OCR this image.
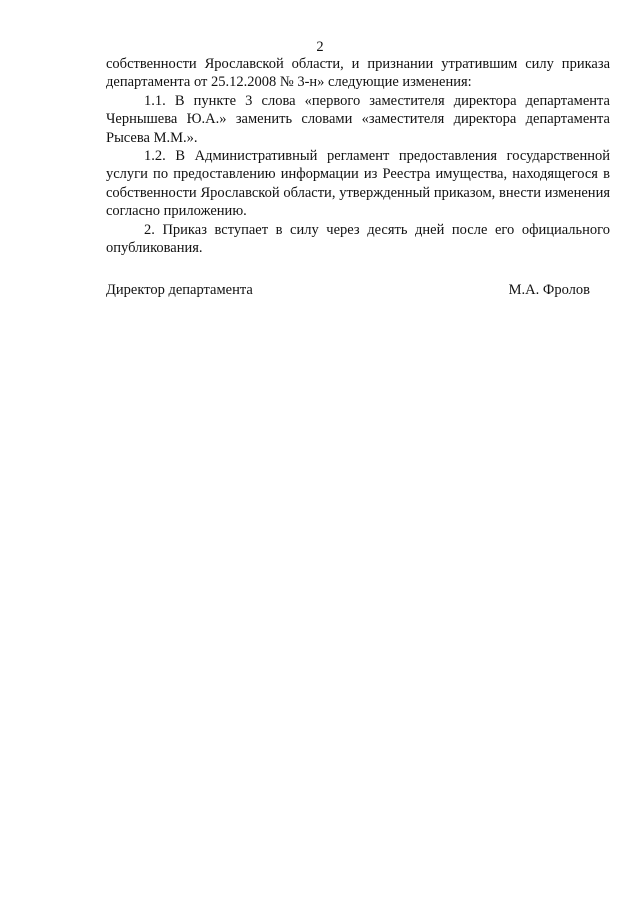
2

собственности Ярославской области, и признании утратившим силу приказа департамента от 25.12.2008 № 3-н» следующие изменения:

1.1. В пункте 3 слова «первого заместителя директора департамента Чернышева Ю.А.» заменить словами «заместителя директора департамента Рысева М.М.».

1.2. В Административный регламент предоставления государственной услуги по предоставлению информации из Реестра имущества, находящегося в собственности Ярославской области, утвержденный приказом, внести изменения согласно приложению.

2. Приказ вступает в силу через десять дней после его официального опубликования.

Директор департамента	М.А. Фролов
